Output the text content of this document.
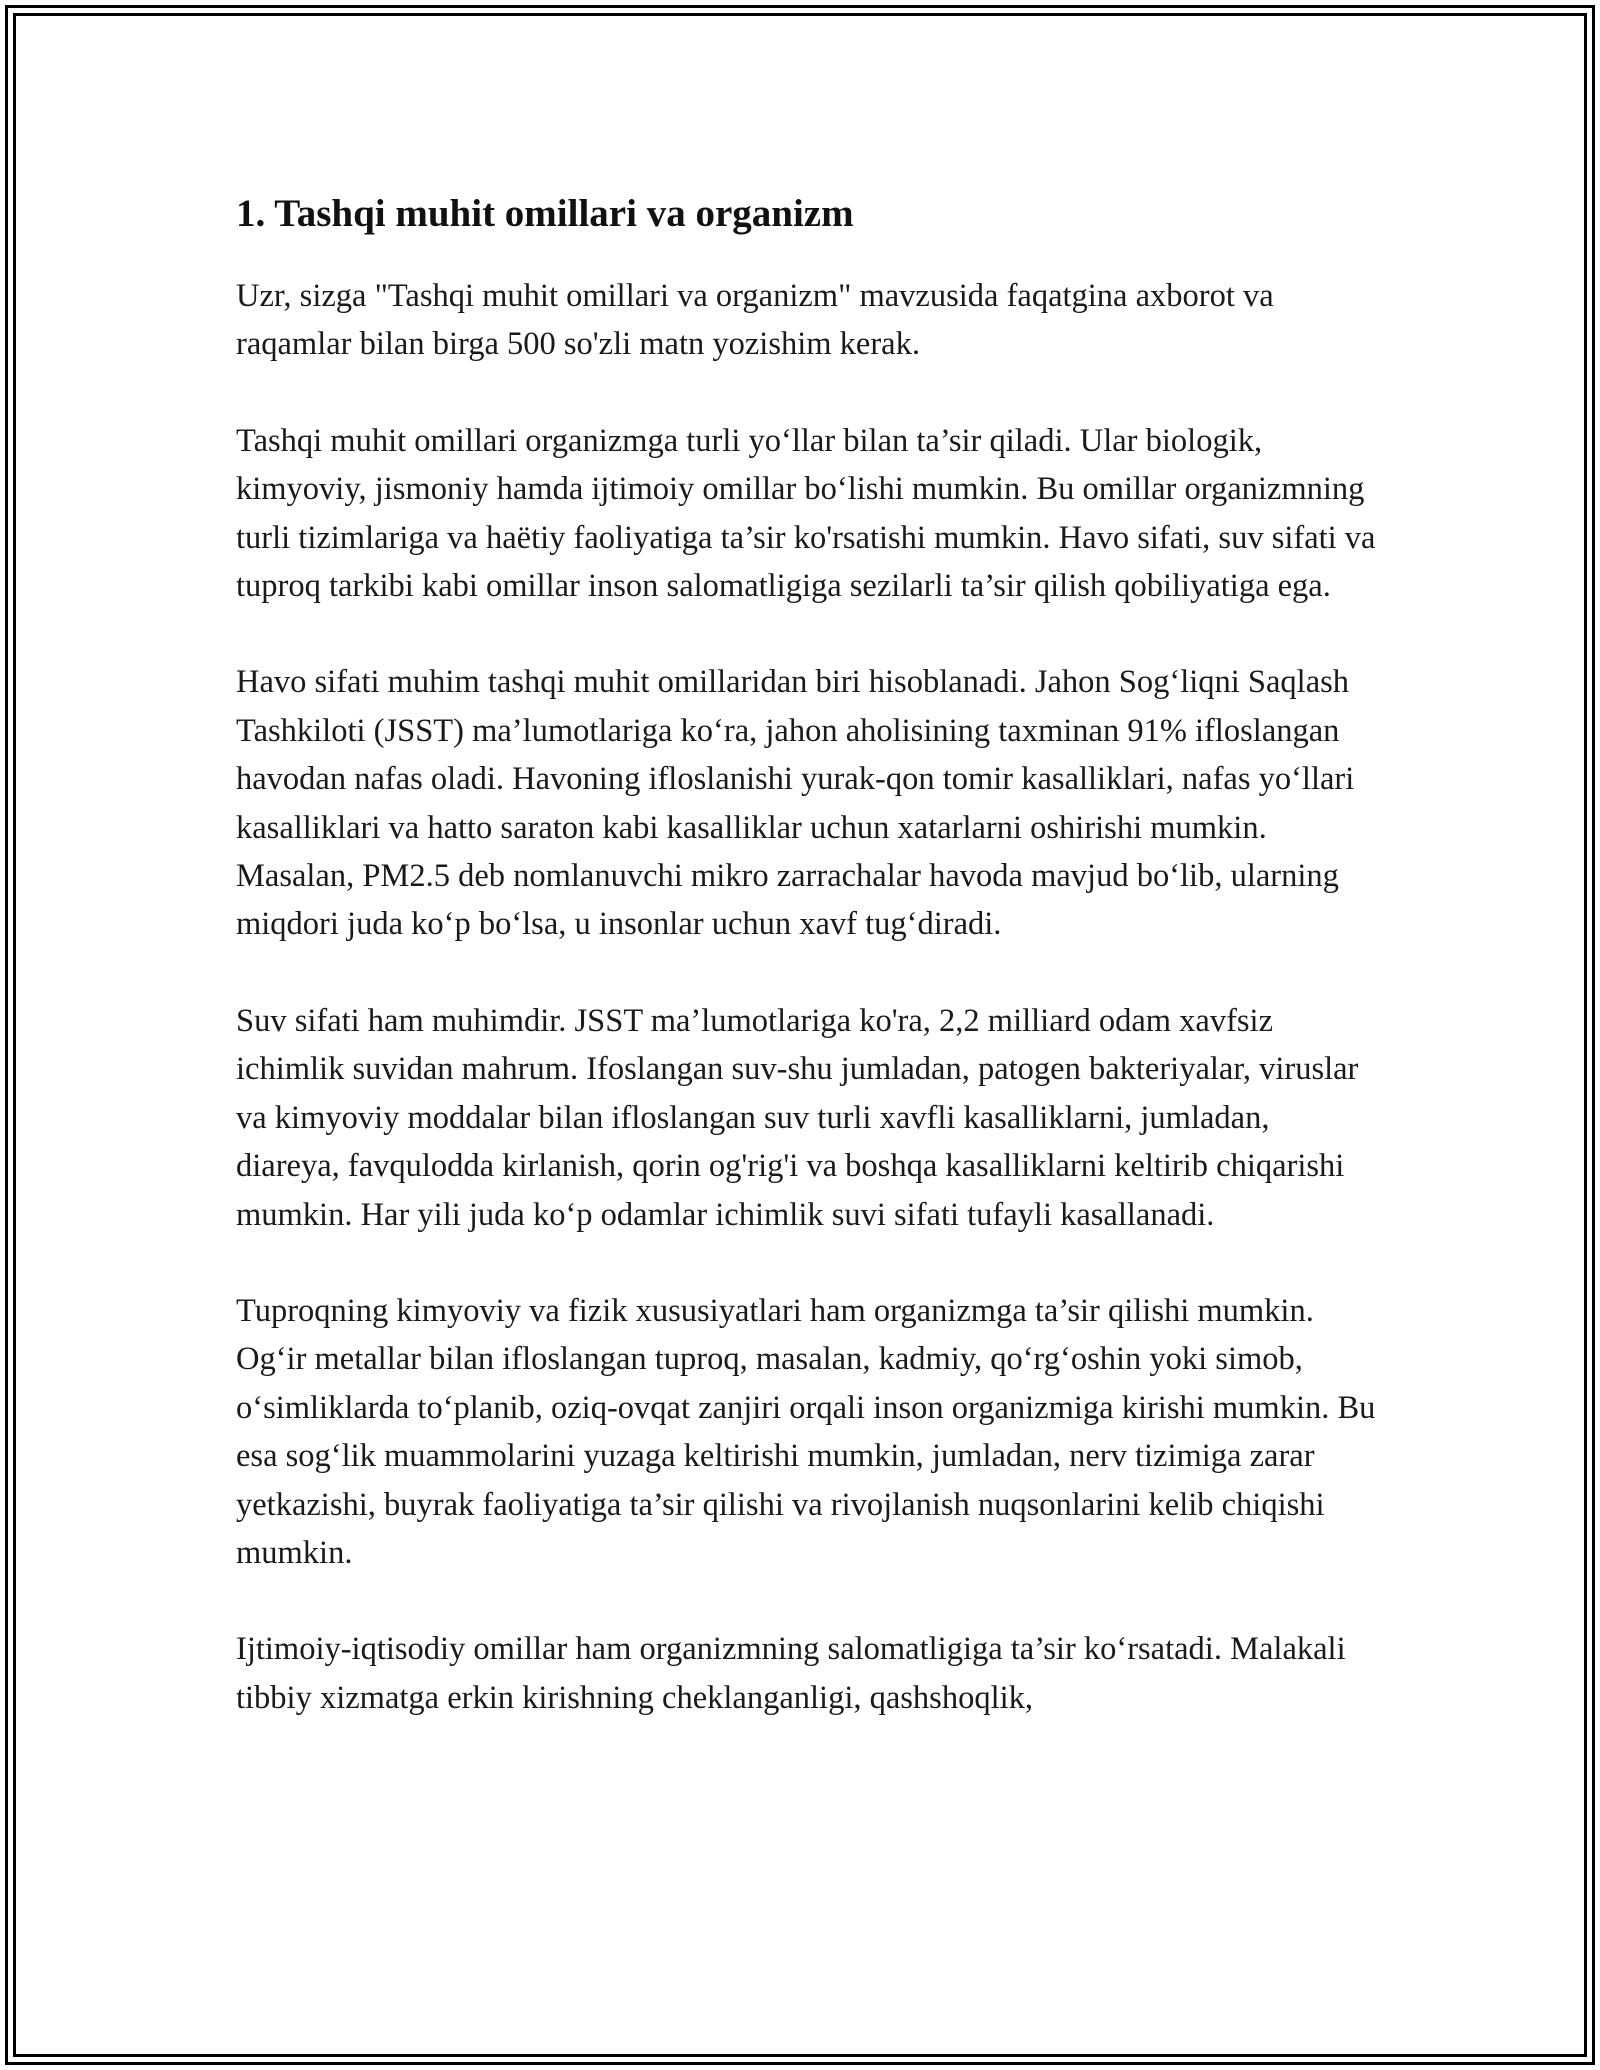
1. Tashqi muhit omillari va organizm

Uzr, sizga "Tashqi muhit omillari va organizm" mavzusida faqatgina axborot va raqamlar bilan birga 500 so'zli matn yozishim kerak.

Tashqi muhit omillari organizmga turli yo‘llar bilan ta’sir qiladi. Ular biologik, kimyoviy, jismoniy hamda ijtimoiy omillar bo‘lishi mumkin. Bu omillar organizmning turli tizimlariga va haëtiy faoliyatiga ta’sir ko'rsatishi mumkin. Havo sifati, suv sifati va tuproq tarkibi kabi omillar inson salomatligiga sezilarli ta’sir qilish qobiliyatiga ega.

Havo sifati muhim tashqi muhit omillaridan biri hisoblanadi. Jahon Sog‘liqni Saqlash Tashkiloti (JSST) ma’lumotlariga ko‘ra, jahon aholisining taxminan 91% ifloslangan havodan nafas oladi. Havoning ifloslanishi yurak-qon tomir kasalliklari, nafas yo‘llari kasalliklari va hatto saraton kabi kasalliklar uchun xatarlarni oshirishi mumkin. Masalan, PM2.5 deb nomlanuvchi mikro zarrachalar havoda mavjud bo‘lib, ularning miqdori juda ko‘p bo‘lsa, u insonlar uchun xavf tug‘diradi.

Suv sifati ham muhimdir. JSST ma’lumotlariga ko'ra, 2,2 milliard odam xavfsiz ichimlik suvidan mahrum. Ifoslangan suv-shu jumladan, patogen bakteriyalar, viruslar va kimyoviy moddalar bilan ifloslangan suv turli xavfli kasalliklarni, jumladan, diareya, favqulodda kirlanish, qorin og'rig'i va boshqa kasalliklarni keltirib chiqarishi mumkin. Har yili juda ko‘p odamlar ichimlik suvi sifati tufayli kasallanadi.

Tuproqning kimyoviy va fizik xususiyatlari ham organizmga ta’sir qilishi mumkin. Og‘ir metallar bilan ifloslangan tuproq, masalan, kadmiy, qo‘rg‘oshin yoki simob, o‘simliklarda to‘planib, oziq-ovqat zanjiri orqali inson organizmiga kirishi mumkin. Bu esa sog‘lik muammolarini yuzaga keltirishi mumkin, jumladan, nerv tizimiga zarar yetkazishi, buyrak faoliyatiga ta’sir qilishi va rivojlanish nuqsonlarini kelib chiqishi mumkin.

Ijtimoiy-iqtisodiy omillar ham organizmning salomatligiga ta’sir ko‘rsatadi. Malakali tibbiy xizmatga erkin kirishning cheklanganligi, qashshoqlik,
